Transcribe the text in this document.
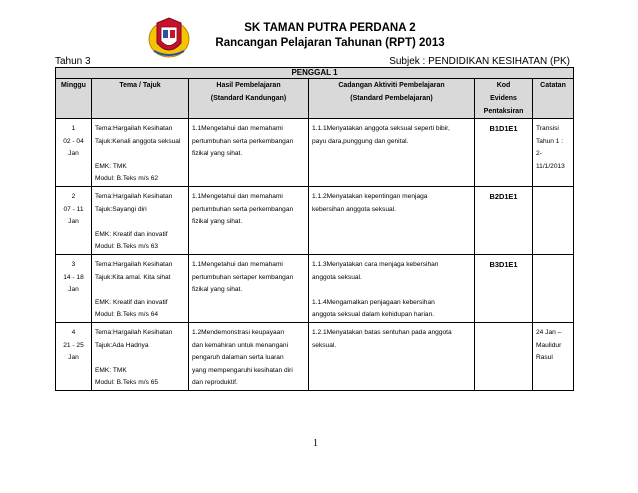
SK TAMAN PUTRA PERDANA 2
Rancangan Pelajaran Tahunan (RPT) 2013
Tahun 3	Subjek : PENDIDIKAN KESIHATAN (PK)
PENGGAL 1					
Minggu	Tema / Tajuk	Hasil Pembelajaran
(Standard Kandungan)	Cadangan Aktiviti Pembelajaran
(Standard Pembelajaran)	Kod
Evidens
Pentaksiran	Catatan

1
02 - 04
Jan	Tema:Hargailah Kesihatan
Tajuk:Kenali anggota seksual
EMK: TMK
Modul: B.Teks m/s 62	1.1Mengetahui dan memahami
pertumbuhan serta perkembangan
fizikal yang sihat.	1.1.1Menyatakan anggota seksual seperti bibir,
payu dara,punggung dan genital.	B1D1E1	Transisi
Tahun 1 :
2-
11/1/2013

2
07 - 11
Jan	Tema:Hargailah Kesihatan
Tajuk:Sayangi diri
EMK: Kreatif dan inovatif
Modul: B.Teks m/s 63	1.1Mengetahui dan memahami
pertumbuhan serta perkembangan
fizikal yang sihat.	1.1.2Menyatakan kepentingan menjaga
kebersihan anggota seksual.	B2D1E1	

3
14 - 18
Jan	Tema:Hargailah Kesihatan
Tajuk:Kita amal. Kita sihat
EMK: Kreatif dan inovatif
Modul: B.Teks m/s 64	1.1Mengetahui dan memahami
pertumbuhan sertaper kembangan
fizikal yang sihat.	1.1.3Menyatakan cara menjaga kebersihan
anggota seksual.
1.1.4Mengamalkan penjagaan kebersihan
anggota seksual dalam kehidupan harian.	B3D1E1	

4
21 - 25
Jan	Tema:Hargailah Kesihatan
Tajuk:Ada Hadnya
EMK: TMK
Modul: B.Teks m/s 65	1.2Mendemonstrasi keupayaan
dan kemahiran untuk menangani
pengaruh dalaman serta luaran
yang mempengaruhi kesihatan diri
dan reproduktif.	1.2.1Menyatakan batas sentuhan pada anggota
seksual.		24 Jan –
Maulidur
Rasul
1
